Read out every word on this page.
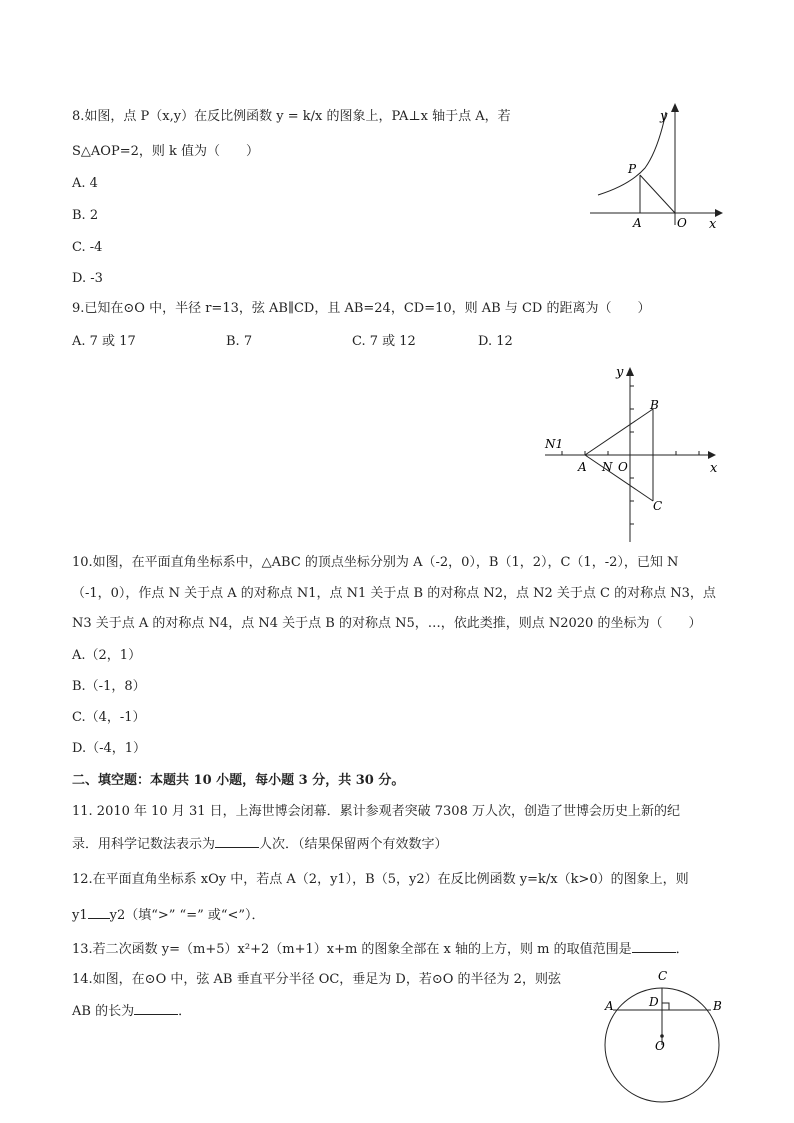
8.如图，点 P（x,y）在反比例函数 y = k/x 的图象上，PA⊥x 轴于点 A，若
S△AOP=2，则 k 值为（　　）
A. 4
B. 2
C. -4
D. -3
y
x
P
A	O
9.已知在⊙O 中，半径 r=13，弦 AB∥CD，且 AB=24，CD=10，则 AB 与 CD 的距离为（　　）
A. 7 或 17	B. 7	C. 7 或 12	D. 12
y
x
B
C
N1
A N O
10.如图，在平面直角坐标系中，△ABC 的顶点坐标分别为 A（-2，0），B（1，2），C（1，-2），已知 N
（-1，0），作点 N 关于点 A 的对称点 N1，点 N1 关于点 B 的对称点 N2，点 N2 关于点 C 的对称点 N3，点
N3 关于点 A 的对称点 N4，点 N4 关于点 B 的对称点 N5，…，依此类推，则点 N2020 的坐标为（　　）
A.（2，1）
B.（-1，8）
C.（4，-1）
D.（-4，1）
二、填空题：本题共 10 小题，每小题 3 分，共 30 分。
11. 2010 年 10 月 31 日，上海世博会闭幕．累计参观者突破 7308 万人次，创造了世博会历史上新的纪
录．用科学记数法表示为	人次．（结果保留两个有效数字）
12.在平面直角坐标系 xOy 中，若点 A（2，y1），B（5，y2）在反比例函数 y=k/x（k>0）的图象上，则
y1 y2（填“>” “=” 或“<”）．
13.若二次函数 y=（m+5）x²+2（m+1）x+m 的图象全部在 x 轴的上方，则 m 的取值范围是	．
14.如图，在⊙O 中，弦 AB 垂直平分半径 OC，垂足为 D，若⊙O 的半径为 2，则弦
AB 的长为	．
C
A	B
D
O
